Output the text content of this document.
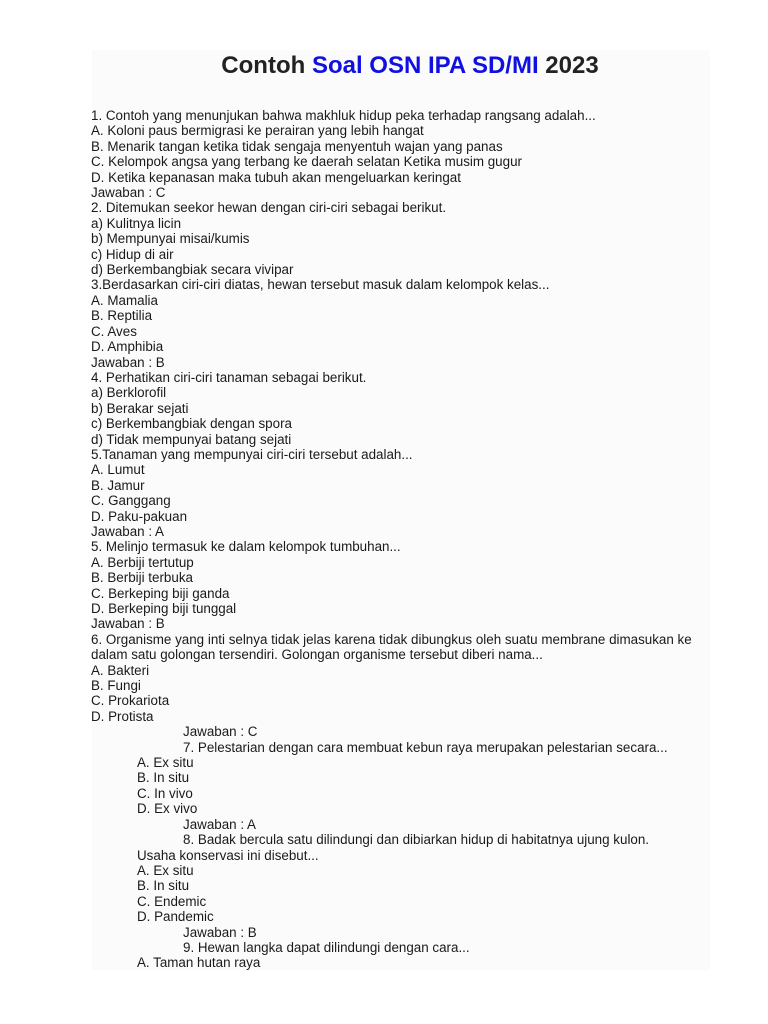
Contoh Soal OSN IPA SD/MI 2023

1. Contoh yang menunjukan bahwa makhluk hidup peka terhadap rangsang adalah...

A. Koloni paus bermigrasi ke perairan yang lebih hangat

B. Menarik tangan ketika tidak sengaja menyentuh wajan yang panas

C. Kelompok angsa yang terbang ke daerah selatan Ketika musim gugur

D. Ketika kepanasan maka tubuh akan mengeluarkan keringat

Jawaban : C

2. Ditemukan seekor hewan dengan ciri-ciri sebagai berikut.

a) Kulitnya licin

b) Mempunyai misai/kumis

c) Hidup di air

d) Berkembangbiak secara vivipar

3.Berdasarkan ciri-ciri diatas, hewan tersebut masuk dalam kelompok kelas...

A. Mamalia

B. Reptilia

C. Aves

D. Amphibia

Jawaban : B

4. Perhatikan ciri-ciri tanaman sebagai berikut.

a) Berklorofil

b) Berakar sejati

c) Berkembangbiak dengan spora

d) Tidak mempunyai batang sejati

5.Tanaman yang mempunyai ciri-ciri tersebut adalah...

A. Lumut

B. Jamur

C. Ganggang

D. Paku-pakuan

Jawaban : A

5. Melinjo termasuk ke dalam kelompok tumbuhan...

A. Berbiji tertutup

B. Berbiji terbuka

C. Berkeping biji ganda

D. Berkeping biji tunggal

Jawaban : B

6. Organisme yang inti selnya tidak jelas karena tidak dibungkus oleh suatu membrane dimasukan ke dalam satu golongan tersendiri. Golongan organisme tersebut diberi nama...

A. Bakteri

B. Fungi

C. Prokariota

D. Protista

Jawaban : C

7. Pelestarian dengan cara membuat kebun raya merupakan pelestarian secara...

A. Ex situ

B. In situ

C. In vivo

D. Ex vivo

Jawaban : A

8. Badak bercula satu dilindungi dan dibiarkan hidup di habitatnya ujung kulon.

Usaha konservasi ini disebut...

A. Ex situ

B. In situ

C. Endemic

D. Pandemic

Jawaban : B

9. Hewan langka dapat dilindungi dengan cara...

A. Taman hutan raya
